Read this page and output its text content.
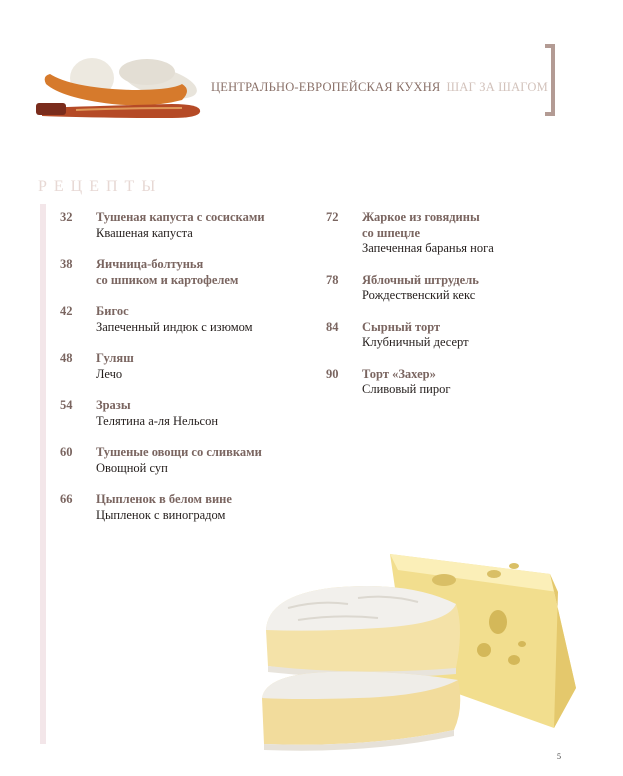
ЦЕНТРАЛЬНО-ЕВРОПЕЙСКАЯ КУХНЯ ШАГ ЗА ШАГОМ
РЕЦЕПТЫ
32	Тушеная капуста с сосисками
Квашеная капуста
38	Яичница-болтунья
со шпиком и картофелем
42	Бигос
Запеченный индюк с изюмом
48	Гуляш
Лечо
54	Зразы
Телятина а-ля Нельсон
60	Тушеные овощи со сливками
Овощной суп
66	Цыпленок в белом вине
Цыпленок с виноградом
72	Жаркое из говядины
со шпецле
Запеченная баранья нога
78	Яблочный штрудель
Рождественский кекс
84	Сырный торт
Клубничный десерт
90	Торт «Захер»
Сливовый пирог
5
